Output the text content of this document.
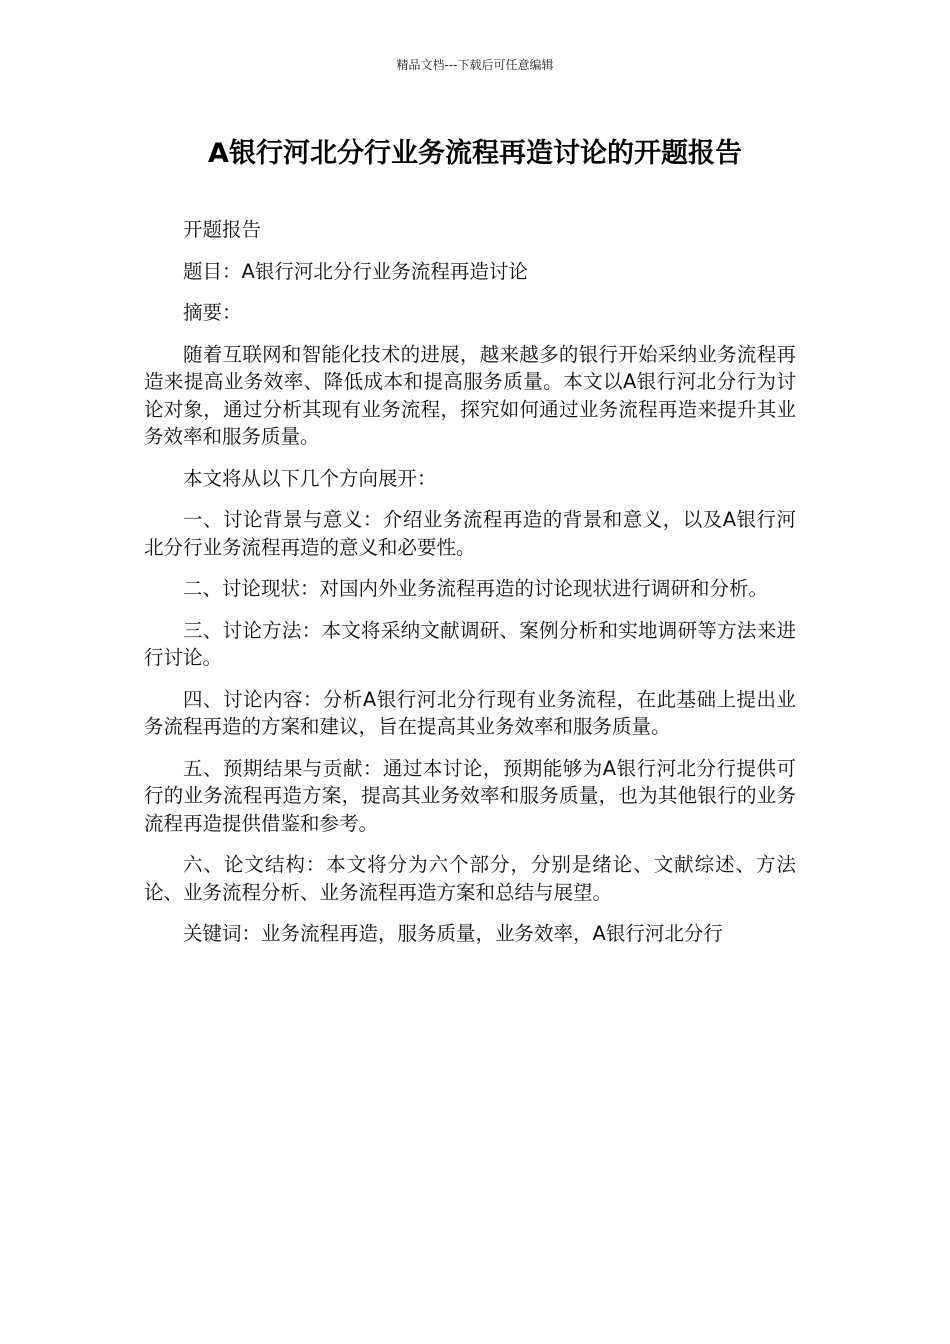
精品文档---下载后可任意编辑
A银行河北分行业务流程再造讨论的开题报告

开题报告

题目：A银行河北分行业务流程再造讨论

摘要：

随着互联网和智能化技术的进展，越来越多的银行开始采纳业务流程再造来提高业务效率、降低成本和提高服务质量。本文以A银行河北分行为讨论对象，通过分析其现有业务流程，探究如何通过业务流程再造来提升其业务效率和服务质量。

本文将从以下几个方向展开：

一、讨论背景与意义：介绍业务流程再造的背景和意义，以及A银行河北分行业务流程再造的意义和必要性。

二、讨论现状：对国内外业务流程再造的讨论现状进行调研和分析。

三、讨论方法：本文将采纳文献调研、案例分析和实地调研等方法来进行讨论。

四、讨论内容：分析A银行河北分行现有业务流程，在此基础上提出业务流程再造的方案和建议，旨在提高其业务效率和服务质量。

五、预期结果与贡献：通过本讨论，预期能够为A银行河北分行提供可行的业务流程再造方案，提高其业务效率和服务质量，也为其他银行的业务流程再造提供借鉴和参考。

六、论文结构：本文将分为六个部分，分别是绪论、文献综述、方法论、业务流程分析、业务流程再造方案和总结与展望。

关键词：业务流程再造，服务质量，业务效率，A银行河北分行
